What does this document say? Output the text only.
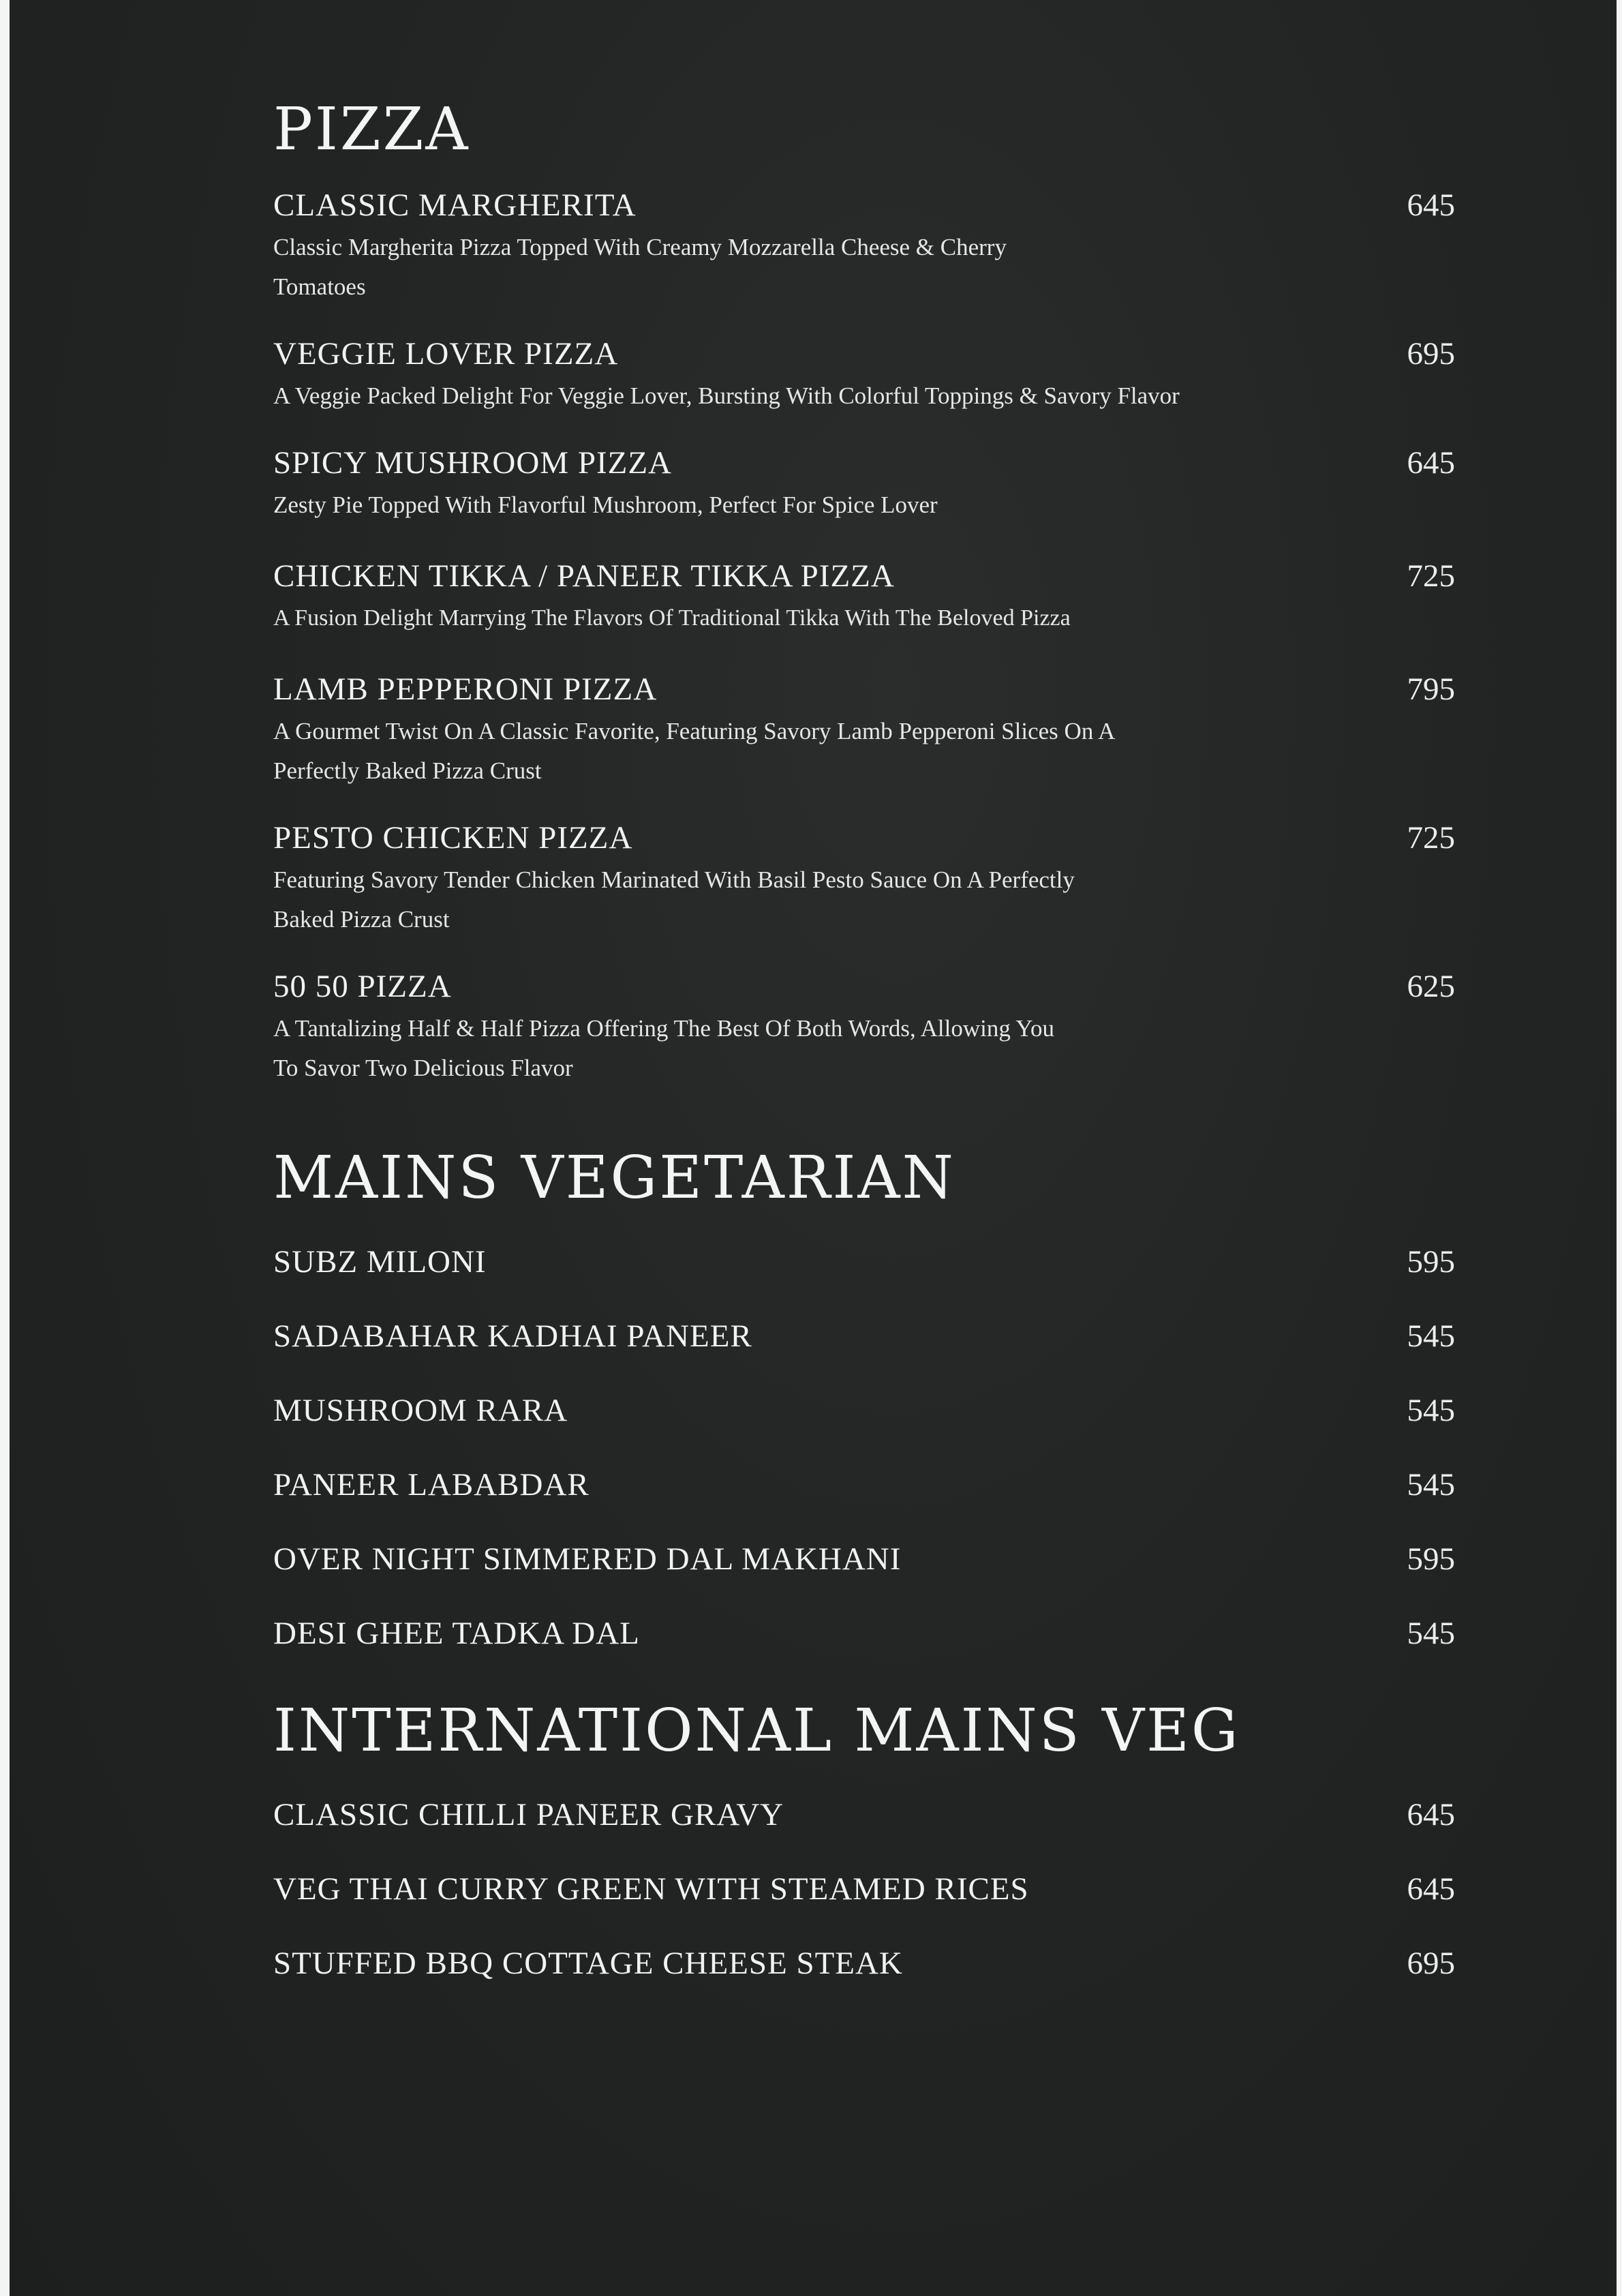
PIZZA
CLASSIC MARGHERITA	645
Classic Margherita Pizza Topped With Creamy Mozzarella Cheese & Cherry Tomatoes
VEGGIE LOVER PIZZA	695
A Veggie Packed Delight For Veggie Lover, Bursting With Colorful Toppings & Savory Flavor
SPICY MUSHROOM PIZZA	645
Zesty Pie Topped With Flavorful Mushroom, Perfect For Spice Lover
CHICKEN TIKKA / PANEER TIKKA PIZZA	725
A Fusion Delight Marrying The Flavors Of Traditional Tikka With The Beloved Pizza
LAMB PEPPERONI PIZZA	795
A Gourmet Twist On A Classic Favorite, Featuring Savory Lamb Pepperoni Slices On A Perfectly Baked Pizza Crust
PESTO CHICKEN PIZZA	725
Featuring Savory Tender Chicken Marinated With Basil Pesto Sauce On A Perfectly Baked Pizza Crust
50 50 PIZZA	625
A Tantalizing Half & Half Pizza Offering The Best Of Both Words, Allowing You To Savor Two Delicious Flavor
MAINS VEGETARIAN
SUBZ MILONI	595
SADABAHAR KADHAI PANEER	545
MUSHROOM RARA	545
PANEER LABABDAR	545
OVER NIGHT SIMMERED DAL MAKHANI	595
DESI GHEE TADKA DAL	545
INTERNATIONAL MAINS VEG
CLASSIC CHILLI PANEER GRAVY	645
VEG THAI CURRY GREEN WITH STEAMED RICES	645
STUFFED BBQ COTTAGE CHEESE STEAK	695
